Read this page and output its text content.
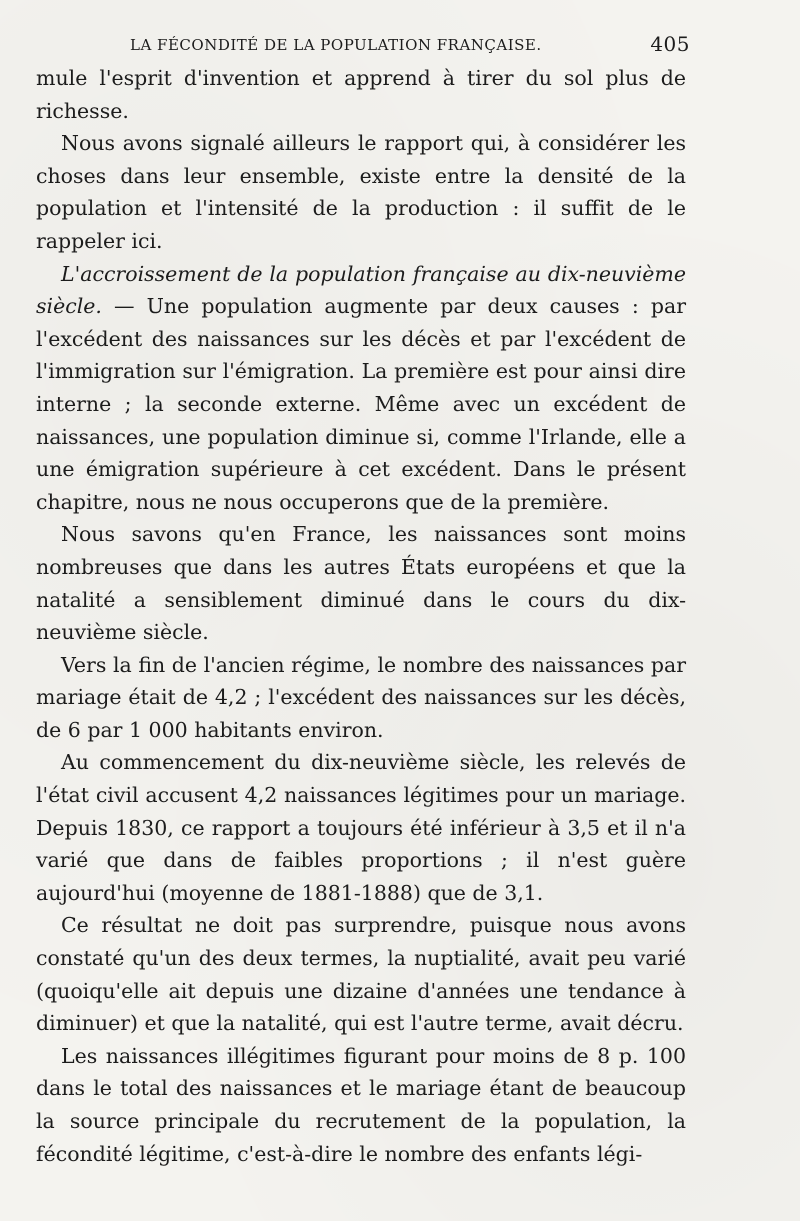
LA FÉCONDITÉ DE LA POPULATION FRANÇAISE.	405

mule l'esprit d'invention et apprend à tirer du sol plus de richesse.

Nous avons signalé ailleurs le rapport qui, à considérer les choses dans leur ensemble, existe entre la densité de la population et l'intensité de la production : il suffit de le rappeler ici.

L'accroissement de la population française au dix-neuvième siècle. — Une population augmente par deux causes : par l'excédent des naissances sur les décès et par l'excédent de l'immigration sur l'émigration. La première est pour ainsi dire interne ; la seconde externe. Même avec un excédent de naissances, une population diminue si, comme l'Irlande, elle a une émigration supérieure à cet excédent. Dans le présent chapitre, nous ne nous occuperons que de la première.

Nous savons qu'en France, les naissances sont moins nombreuses que dans les autres États européens et que la natalité a sensiblement diminué dans le cours du dix-neuvième siècle.

Vers la fin de l'ancien régime, le nombre des naissances par mariage était de 4,2 ; l'excédent des naissances sur les décès, de 6 par 1 000 habitants environ.

Au commencement du dix-neuvième siècle, les relevés de l'état civil accusent 4,2 naissances légitimes pour un mariage. Depuis 1830, ce rapport a toujours été inférieur à 3,5 et il n'a varié que dans de faibles proportions ; il n'est guère aujourd'hui (moyenne de 1881-1888) que de 3,1.

Ce résultat ne doit pas surprendre, puisque nous avons constaté qu'un des deux termes, la nuptialité, avait peu varié (quoiqu'elle ait depuis une dizaine d'années une tendance à diminuer) et que la natalité, qui est l'autre terme, avait décru.

Les naissances illégitimes figurant pour moins de 8 p. 100 dans le total des naissances et le mariage étant de beaucoup la source principale du recrutement de la population, la fécondité légitime, c'est-à-dire le nombre des enfants légi-
